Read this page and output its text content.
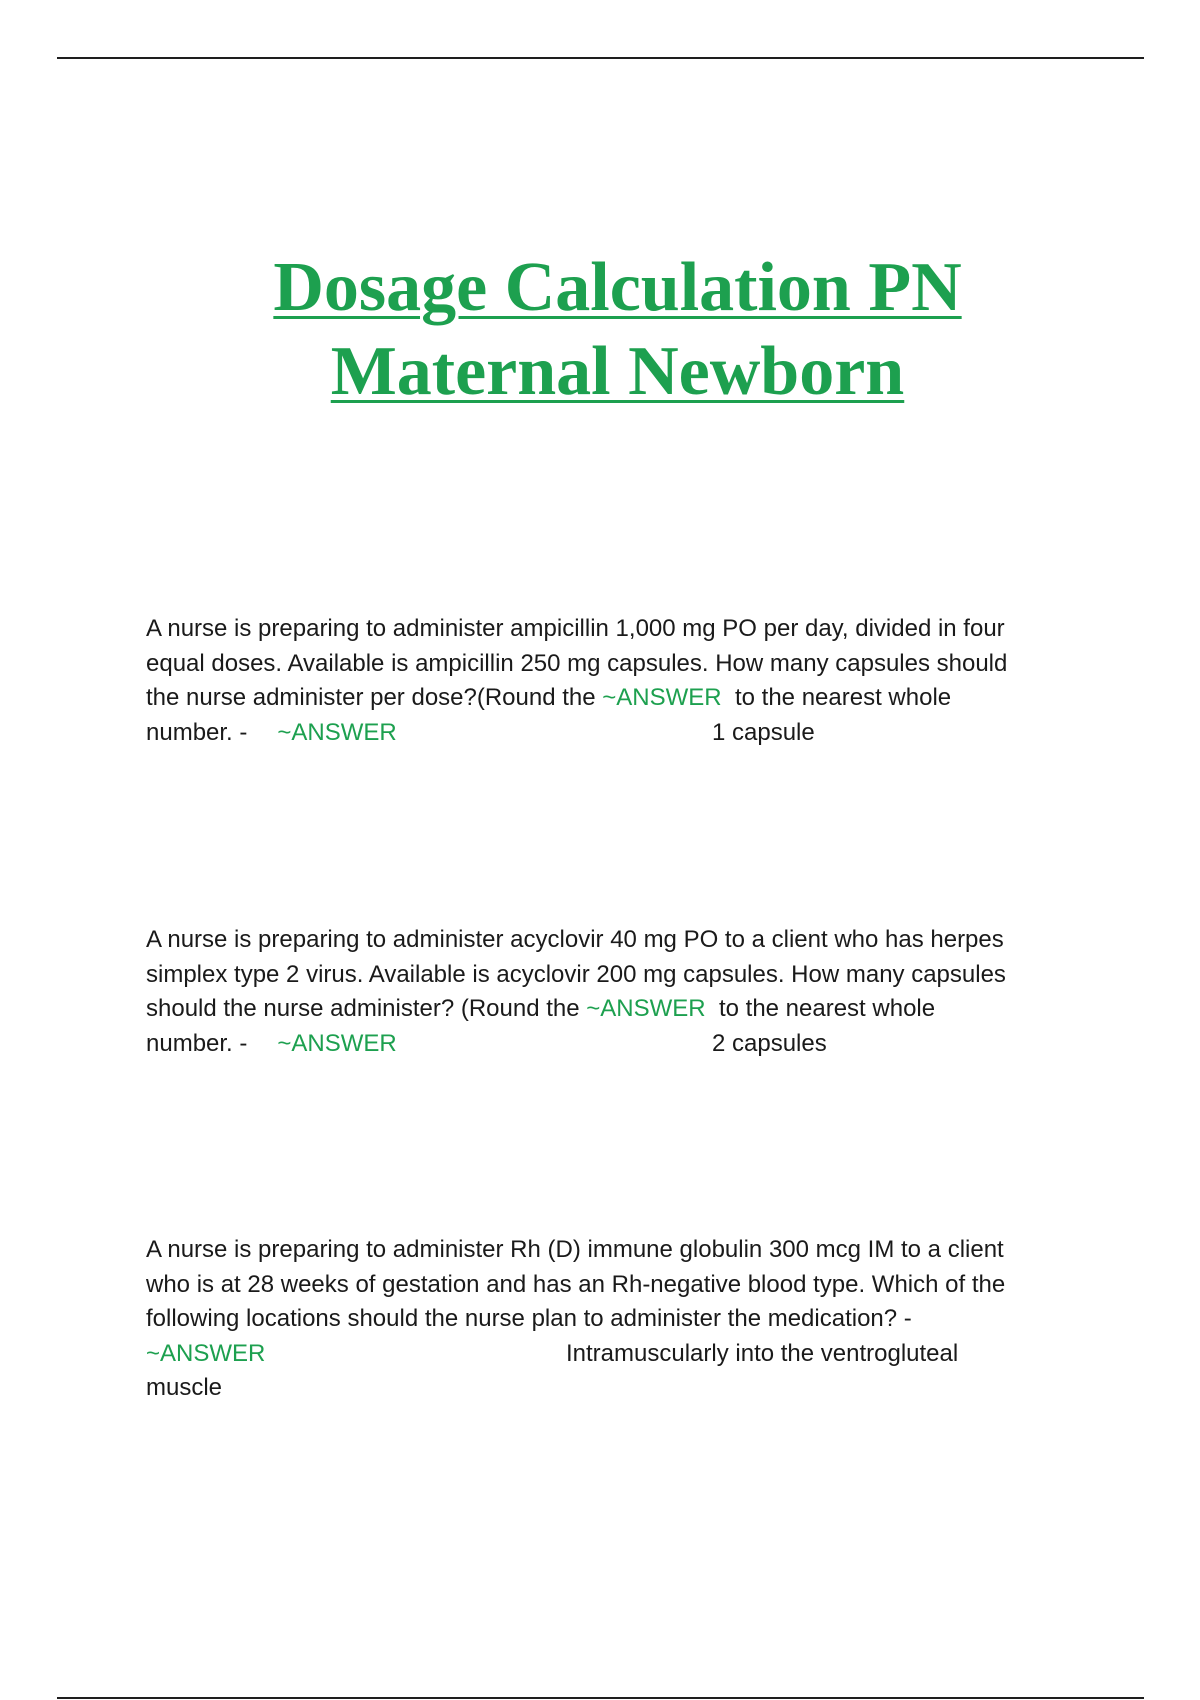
Dosage Calculation PN
Maternal Newborn
A nurse is preparing to administer ampicillin 1,000 mg PO per day, divided in four
equal doses. Available is ampicillin 250 mg capsules. How many capsules should
the nurse administer per dose?(Round the ~ANSWER  to the nearest whole
number. - ~ANSWER	1 capsule
A nurse is preparing to administer acyclovir 40 mg PO to a client who has herpes
simplex type 2 virus. Available is acyclovir 200 mg capsules. How many capsules
should the nurse administer? (Round the ~ANSWER  to the nearest whole
number. - ~ANSWER	2 capsules
A nurse is preparing to administer Rh (D) immune globulin 300 mcg IM to a client
who is at 28 weeks of gestation and has an Rh-negative blood type. Which of the
following locations should the nurse plan to administer the medication? -
~ANSWER	Intramuscularly into the ventrogluteal
muscle
